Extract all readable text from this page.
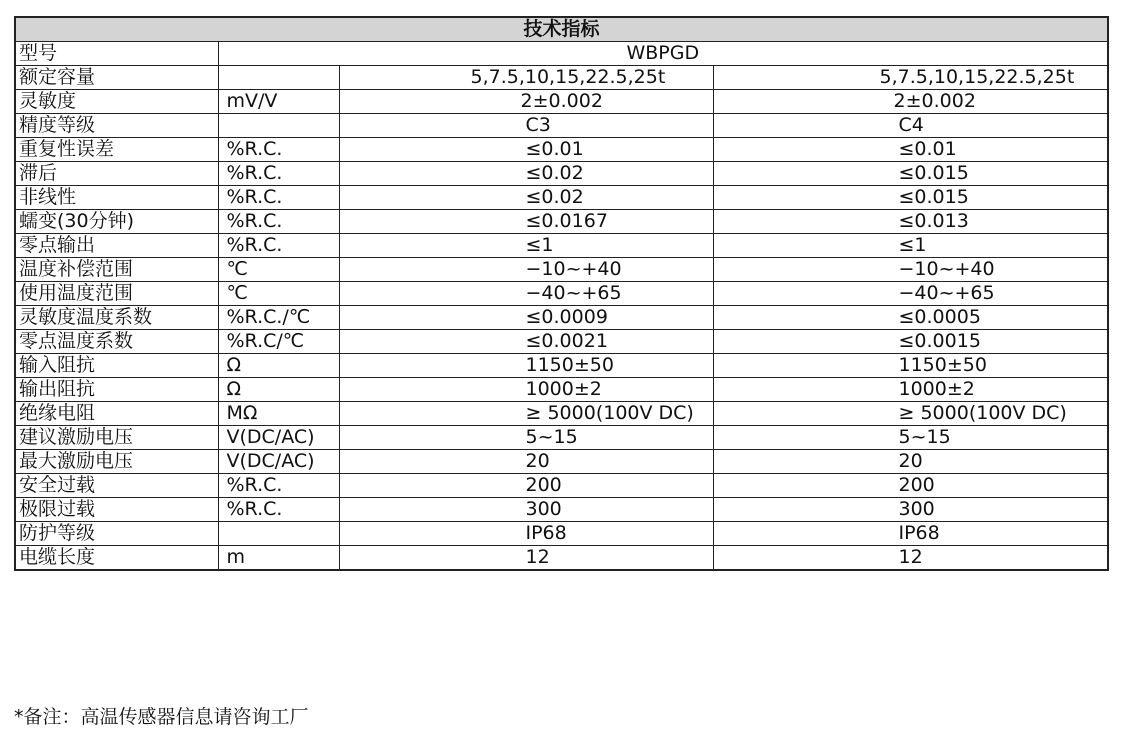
技术指标			
型号	WBPGD		
额定容量		5,7.5,10,15,22.5,25t	5,7.5,10,15,22.5,25t
灵敏度	mV/V	2±0.002	2±0.002
精度等级		C3	C4
重复性误差	%R.C.	≤0.01	≤0.01
滞后	%R.C.	≤0.02	≤0.015
非线性	%R.C.	≤0.02	≤0.015
蠕变(30分钟)	%R.C.	≤0.0167	≤0.013
零点输出	%R.C.	≤1	≤1
温度补偿范围	℃	−10~+40	−10~+40
使用温度范围	℃	−40~+65	−40~+65
灵敏度温度系数	%R.C./℃	≤0.0009	≤0.0005
零点温度系数	%R.C/℃	≤0.0021	≤0.0015
输入阻抗	Ω	1150±50	1150±50
输出阻抗	Ω	1000±2	1000±2
绝缘电阻	MΩ	≥ 5000(100V DC)	≥ 5000(100V DC)
建议激励电压	V(DC/AC)	5~15	5~15
最大激励电压	V(DC/AC)	20	20
安全过载	%R.C.	200	200
极限过载	%R.C.	300	300
防护等级		IP68	IP68
电缆长度	m	12	12
*备注：高温传感器信息请咨询工厂
